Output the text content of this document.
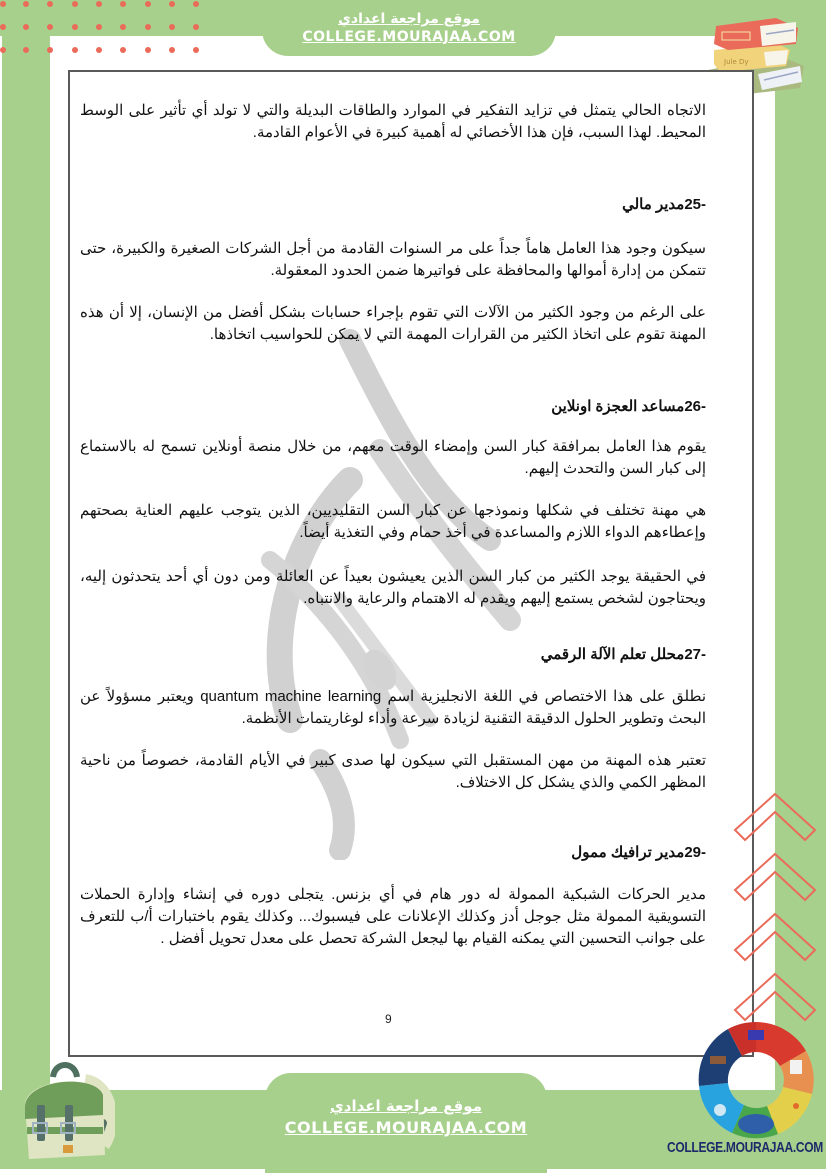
موقع مراجعة اعدادي
COLLEGE.MOURAJAA.COM
Jule Dy

الاتجاه الحالي يتمثل في تزايد التفكير في الموارد والطاقات البديلة والتي لا تولد أي تأثير على الوسط المحيط. لهذا السبب، فإن هذا الأخصائي له أهمية كبيرة في الأعوام القادمة.

-25مدير مالي

سيكون وجود هذا العامل هاماً جداً على مر السنوات القادمة من أجل الشركات الصغيرة والكبيرة، حتى تتمكن من إدارة أموالها والمحافظة على فواتيرها ضمن الحدود المعقولة.

على الرغم من وجود الكثير من الآلات التي تقوم بإجراء حسابات بشكل أفضل من الإنسان، إلا أن هذه المهنة تقوم على اتخاذ الكثير من القرارات المهمة التي لا يمكن للحواسيب اتخاذها.

-26مساعد العجزة اونلاين

يقوم هذا العامل بمرافقة كبار السن وإمضاء الوقت معهم، من خلال منصة أونلاين تسمح له بالاستماع إلى كبار السن والتحدث إليهم.

هي مهنة تختلف في شكلها ونموذجها عن كبار السن التقليديين، الذين يتوجب عليهم العناية بصحتهم وإعطاءهم الدواء اللازم والمساعدة في أخذ حمام وفي التغذية أيضاً.

في الحقيقة يوجد الكثير من كبار السن الذين يعيشون بعيداً عن العائلة ومن دون أي أحد يتحدثون إليه، ويحتاجون لشخص يستمع إليهم ويقدم له الاهتمام والرعاية والانتباه.

-27محلل تعلم الآلة الرقمي

نطلق على هذا الاختصاص في اللغة الانجليزية اسم quantum machine learning ويعتبر مسؤولاً عن البحث وتطوير الحلول الدقيقة التقنية لزيادة سرعة وأداء لوغاريتمات الأنظمة.

تعتبر هذه المهنة من مهن المستقبل التي سيكون لها صدى كبير في الأيام القادمة، خصوصاً من ناحية المظهر الكمي والذي يشكل كل الاختلاف.

-29مدير ترافيك ممول

مدير الحركات الشبكية الممولة له دور هام في أي بزنس. يتجلى دوره في إنشاء وإدارة الحملات التسويقية الممولة مثل جوجل أدز وكذلك الإعلانات على فيسبوك... وكذلك يقوم باختبارات أ/ب للتعرف على جوانب التحسين التي يمكنه القيام بها ليجعل الشركة تحصل على معدل تحويل أفضل .

9
موقع مراجعة اعدادي
COLLEGE.MOURAJAA.COM
COLLEGE.MOURAJAA.COM
